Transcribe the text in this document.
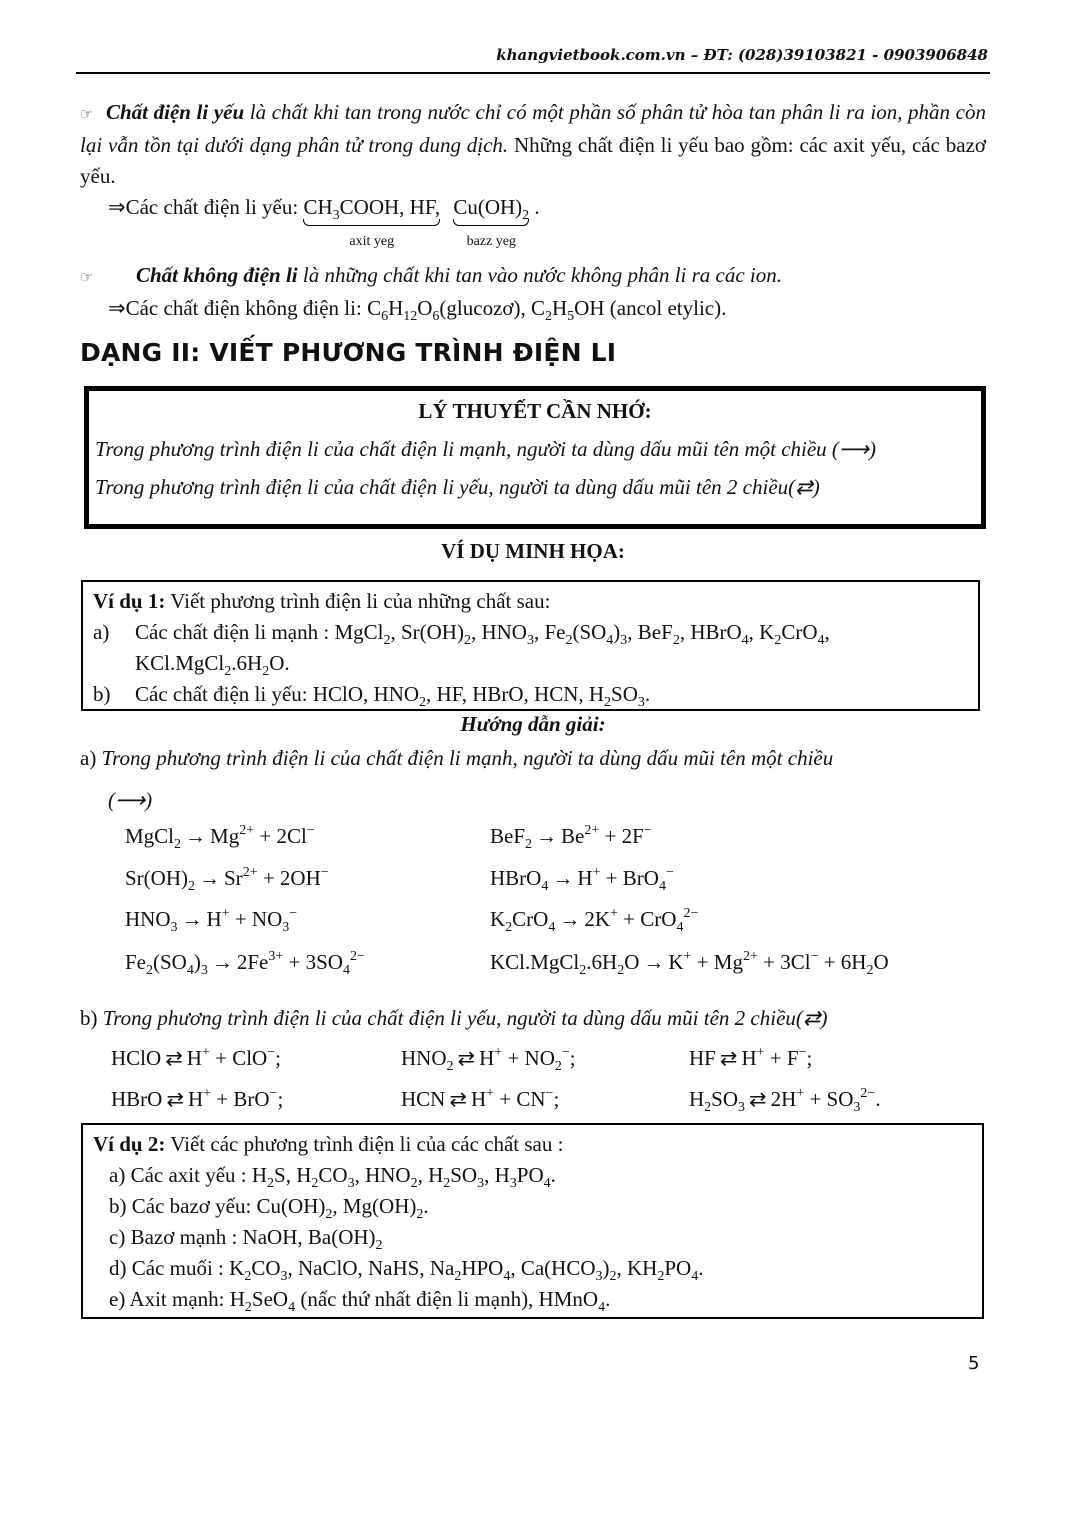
khangvietbook.com.vn – ĐT: (028)39103821 - 0903906848
☞ Chất điện li yếu là chất khi tan trong nước chỉ có một phần số phân tử hòa tan phân li ra ion, phần còn lại vẫn tồn tại dưới dạng phân tử trong dung dịch. Những chất điện li yếu bao gồm: các axit yếu, các bazơ yếu.
⇒Các chất điện li yếu: $CH_3COOH$, HF,
axit yeg
$Cu(OH)_2$
bazz yeg
.
☞ Chất không điện li là những chất khi tan vào nước không phân li ra các ion.
⇒Các chất điện không điện li: $C_6H_{12}O_6(glucozơ)$, $C_2H_5OH$ (ancol etylic).
DẠNG II: VIẾT PHƯƠNG TRÌNH ĐIỆN LI
LÝ THUYẾT CẦN NHỚ:
Trong phương trình điện li của chất điện li mạnh, người ta dùng dấu mũi tên một chiều (⟶)
Trong phương trình điện li của chất điện li yếu, người ta dùng dấu mũi tên 2 chiều(⇄)
VÍ DỤ MINH HỌA:
Ví dụ 1: Viết phương trình điện li của những chất sau:
a)	Các chất điện li mạnh : MgCl$_2$, $Sr(OH)_2$, $HNO_3$, $Fe_2(SO_4)_3$, BeF$_2$, HBrO$_4$, $K_2CrO_4$, $KCl.MgCl_2.6H_2O$.
b)	Các chất điện li yếu: HClO, $HNO_2$, HF, HBrO, HCN, $H_2SO_3$.
Hướng dẫn giải:
a) Trong phương trình điện li của chất điện li mạnh, người ta dùng dấu mũi tên một chiều
(⟶)
MgCl$_2$ → $Mg^{2+} + 2Cl^-$	$BeF_2 \to Be^{2+} + 2F^-$
$Sr(OH)_2 \to Sr^{2+} + 2OH^-$	HBrO$_4$ → H+ + BrO$_4$−
$HNO_3 \to H^+ + NO_3^-$	$K_2CrO_4 \to 2K^+ + CrO_4^{2-}$
$Fe_2(SO_4)_3 \to 2Fe^{3+} + 3SO_4^{2-}$	$KCl.MgCl_2.6H_2O \to K^+ + Mg^{2+} + 3Cl^- + 6H_2O$
b) Trong phương trình điện li của chất điện li yếu, người ta dùng dấu mũi tên 2 chiều(⇄)
HClO ⇄ H+ + ClO−;	$HNO_2$ ⇄ $H^+ + NO_2^-$;	HF ⇄ H+ + F−;
HBrO ⇄ H+ + BrO−;	HCN ⇄ H+ + CN−;	$H_2SO_3$ ⇄ $2H^+ + SO_3^{2-}$.
Ví dụ 2: Viết các phương trình điện li của các chất sau :
a) Các axit yếu : $H_2S$, $H_2CO_3$, $HNO_2$, $H_2SO_3$, $H_3PO_4$.
b) Các bazơ yếu: $Cu(OH)_2$, $Mg(OH)_2$.
c) Bazơ mạnh : NaOH, $Ba(OH)_2$
d) Các muối : $K_2CO_3$, NaClO, NaHS, $Na_2HPO_4$, $Ca(HCO_3)_2$, $KH_2PO_4$.
e) Axit mạnh: $H_2SeO_4$ (nấc thứ nhất điện li mạnh), HMnO$_4$.
5
